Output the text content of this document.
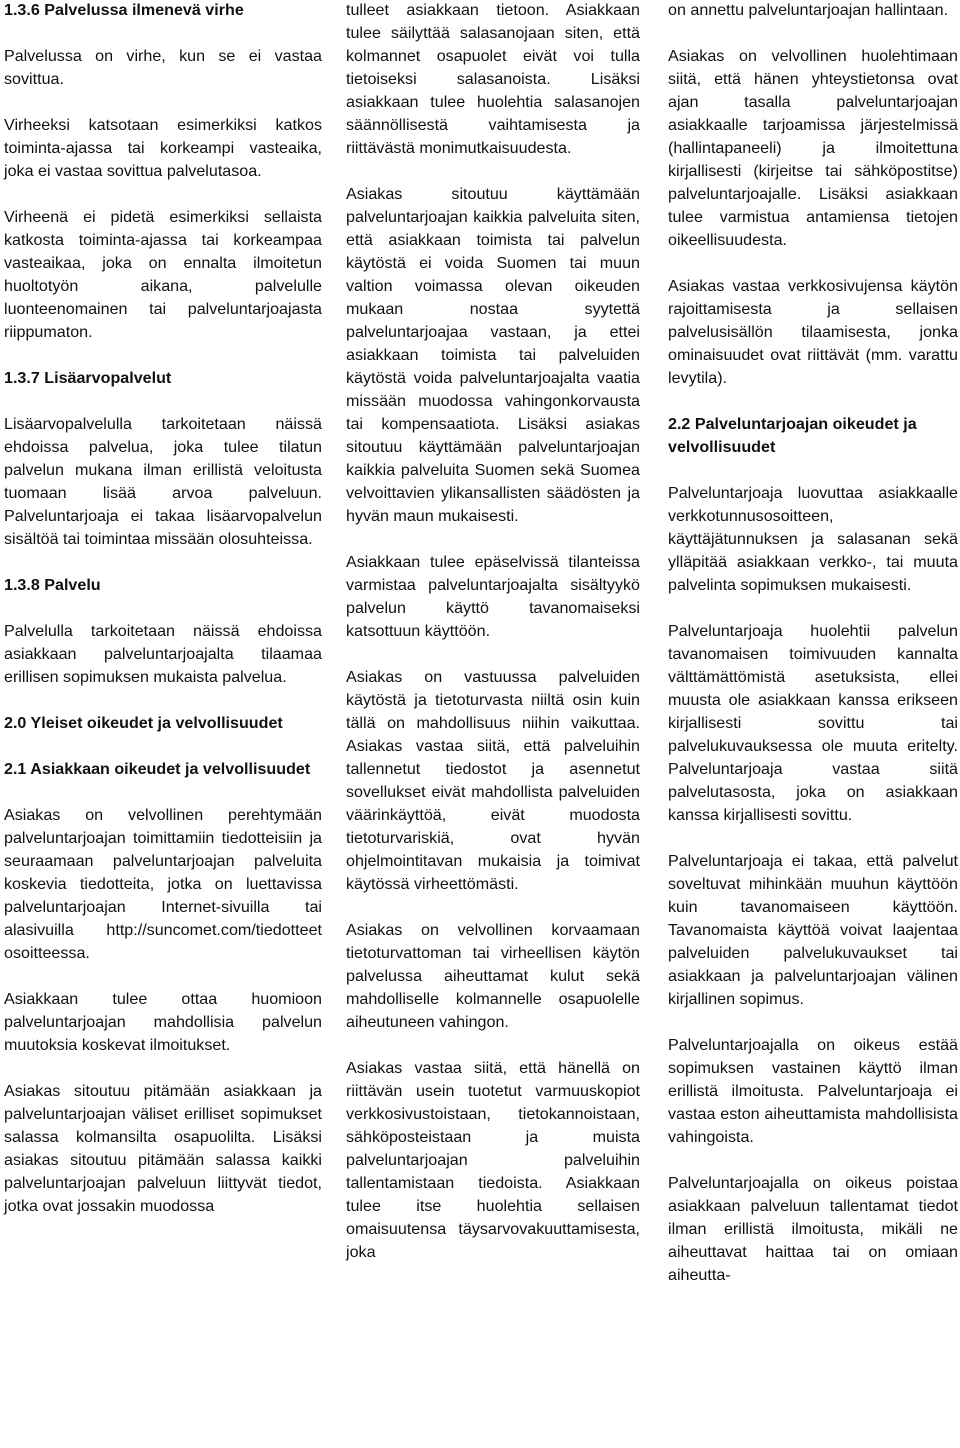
1.3.6 Palvelussa ilmenevä virhe

Palvelussa on virhe, kun se ei vastaa sovittua.

Virheeksi katsotaan esimerkiksi katkos toiminta-ajassa tai korkeampi vasteaika, joka ei vastaa sovittua palvelutasoa.

Virheenä ei pidetä esimerkiksi sellaista katkosta toiminta-ajassa tai korkeampaa vasteaikaa, joka on ennalta ilmoitetun huoltotyön aikana, palvelulle luonteenomainen tai palveluntarjoajasta riippumaton.

1.3.7 Lisäarvopalvelut

Lisäarvopalvelulla tarkoitetaan näissä ehdoissa palvelua, joka tulee tilatun palvelun mukana ilman erillistä veloitusta tuomaan lisää arvoa palveluun. Palveluntarjoaja ei takaa lisäarvopalvelun sisältöä tai toimintaa missään olosuhteissa.

1.3.8 Palvelu

Palvelulla tarkoitetaan näissä ehdoissa asiakkaan palveluntarjoajalta tilaamaa erillisen sopimuksen mukaista palvelua.

2.0 Yleiset oikeudet ja velvollisuudet
2.1 Asiakkaan oikeudet ja velvollisuudet

Asiakas on velvollinen perehtymään palveluntarjoajan toimittamiin tiedotteisiin ja seuraamaan palveluntarjoajan palveluita koskevia tiedotteita, jotka on luettavissa palveluntarjoajan Internet-sivuilla tai alasivuilla http://suncomet.com/tiedotteet osoitteessa.

Asiakkaan tulee ottaa huomioon palveluntarjoajan mahdollisia palvelun muutoksia koskevat ilmoitukset.

Asiakas sitoutuu pitämään asiakkaan ja palveluntarjoajan väliset erilliset sopimukset salassa kolmansilta osapuolilta. Lisäksi asiakas sitoutuu pitämään salassa kaikki palveluntarjoajan palveluun liittyvät tiedot, jotka ovat jossakin muodossa

tulleet asiakkaan tietoon. Asiakkaan tulee säilyttää salasanojaan siten, että kolmannet osapuolet eivät voi tulla tietoiseksi salasanoista. Lisäksi asiakkaan tulee huolehtia salasanojen säännöllisestä vaihtamisesta ja riittävästä monimutkaisuudesta.

Asiakas sitoutuu käyttämään palveluntarjoajan kaikkia palveluita siten, että asiakkaan toimista tai palvelun käytöstä ei voida Suomen tai muun valtion voimassa olevan oikeuden mukaan nostaa syytettä palveluntarjoajaa vastaan, ja ettei asiakkaan toimista tai palveluiden käytöstä voida palveluntarjoajalta vaatia missään muodossa vahingonkorvausta tai kompensaatiota. Lisäksi asiakas sitoutuu käyttämään palveluntarjoajan kaikkia palveluita Suomen sekä Suomea velvoittavien ylikansallisten säädösten ja hyvän maun mukaisesti.

Asiakkaan tulee epäselvissä tilanteissa varmistaa palveluntarjoajalta sisältyykö palvelun käyttö tavanomaiseksi katsottuun käyttöön.

Asiakas on vastuussa palveluiden käytöstä ja tietoturvasta niiltä osin kuin tällä on mahdollisuus niihin vaikuttaa. Asiakas vastaa siitä, että palveluihin tallennetut tiedostot ja asennetut sovellukset eivät mahdollista palveluiden väärinkäyttöä, eivät muodosta tietoturvariskiä, ovat hyvän ohjelmointitavan mukaisia ja toimivat käytössä virheettömästi.

Asiakas on velvollinen korvaamaan tietoturvattoman tai virheellisen käytön palvelussa aiheuttamat kulut sekä mahdolliselle kolmannelle osapuolelle aiheutuneen vahingon.

Asiakas vastaa siitä, että hänellä on riittävän usein tuotetut varmuuskopiot verkkosivustoistaan, tietokannoistaan, sähköposteistaan ja muista palveluntarjoajan palveluihin tallentamistaan tiedoista. Asiakkaan tulee itse huolehtia sellaisen omaisuutensa täysarvovakuuttamisesta, joka

on annettu palveluntarjoajan hallintaan.

Asiakas on velvollinen huolehtimaan siitä, että hänen yhteystietonsa ovat ajan tasalla palveluntarjoajan asiakkaalle tarjoamissa järjestelmissä (hallintapaneeli) ja ilmoitettuna kirjallisesti (kirjeitse tai sähköpostitse) palveluntarjoajalle. Lisäksi asiakkaan tulee varmistua antamiensa tietojen oikeellisuudesta.

Asiakas vastaa verkkosivujensa käytön rajoittamisesta ja sellaisen palvelusisällön tilaamisesta, jonka ominaisuudet ovat riittävät (mm. varattu levytila).

2.2 Palveluntarjoajan oikeudet ja velvollisuudet

Palveluntarjoaja luovuttaa asiakkaalle verkkotunnusosoitteen, käyttäjätunnuksen ja salasanan sekä ylläpitää asiakkaan verkko-, tai muuta palvelinta sopimuksen mukaisesti.

Palveluntarjoaja huolehtii palvelun tavanomaisen toimivuuden kannalta välttämättömistä asetuksista, ellei muusta ole asiakkaan kanssa erikseen kirjallisesti sovittu tai palvelukuvauksessa ole muuta eritelty. Palveluntarjoaja vastaa siitä palvelutasosta, joka on asiakkaan kanssa kirjallisesti sovittu.

Palveluntarjoaja ei takaa, että palvelut soveltuvat mihinkään muuhun käyttöön kuin tavanomaiseen käyttöön. Tavanomaista käyttöä voivat laajentaa palveluiden palvelukuvaukset tai asiakkaan ja palveluntarjoajan välinen kirjallinen sopimus.

Palveluntarjoajalla on oikeus estää sopimuksen vastainen käyttö ilman erillistä ilmoitusta. Palveluntarjoaja ei vastaa eston aiheuttamista mahdollisista vahingoista.

Palveluntarjoajalla on oikeus poistaa asiakkaan palveluun tallentamat tiedot ilman erillistä ilmoitusta, mikäli ne aiheuttavat haittaa tai on omiaan aiheutta-
